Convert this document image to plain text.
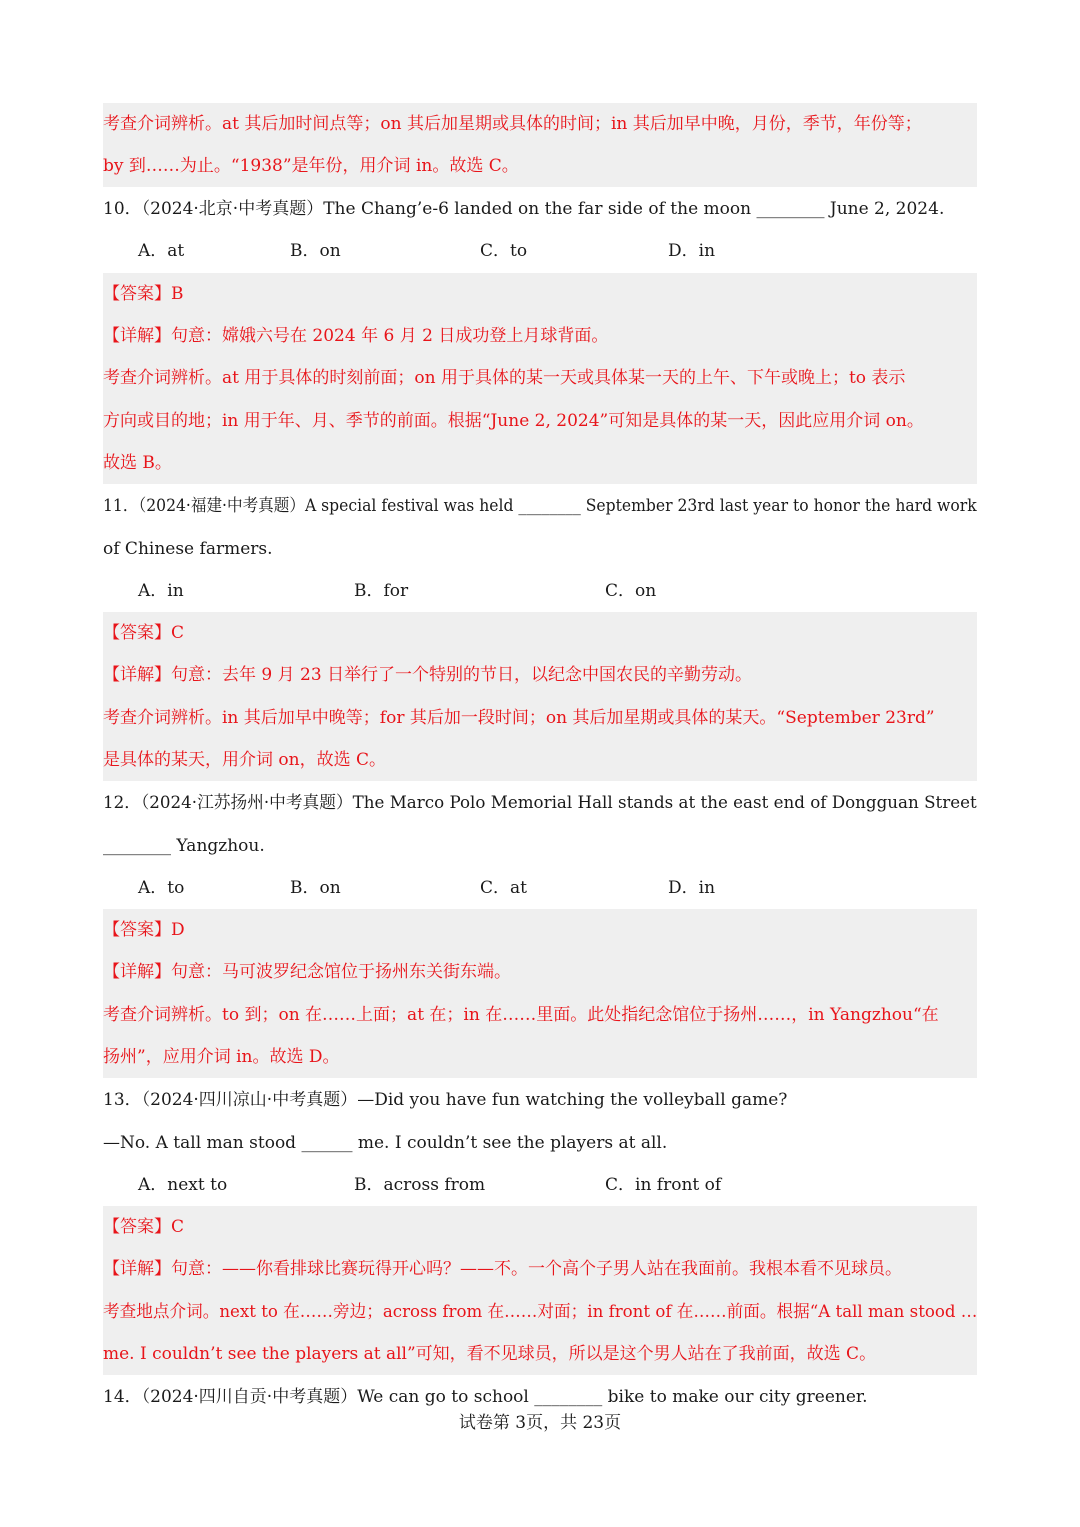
考查介词辨析。at 其后加时间点等；on 其后加星期或具体的时间；in 其后加早中晚，月份，季节，年份等；
by 到……为止。“1938”是年份，用介词 in。故选 C。
10．（2024·北京·中考真题）The Chang’e-6 landed on the far side of the moon ________ June 2, 2024.
A．at	B．on	C．to	D．in
【答案】B
【详解】句意：嫦娥六号在 2024 年 6 月 2 日成功登上月球背面。
考查介词辨析。at 用于具体的时刻前面；on 用于具体的某一天或具体某一天的上午、下午或晚上；to 表示
方向或目的地；in 用于年、月、季节的前面。根据“June 2, 2024”可知是具体的某一天，因此应用介词 on。
故选 B。
11．（2024·福建·中考真题）A special festival was held ________ September 23rd last year to honor the hard work
of Chinese farmers.
A．in	B．for	C．on
【答案】C
【详解】句意：去年 9 月 23 日举行了一个特别的节日，以纪念中国农民的辛勤劳动。
考查介词辨析。in 其后加早中晚等；for 其后加一段时间；on 其后加星期或具体的某天。“September 23rd”
是具体的某天，用介词 on，故选 C。
12．（2024·江苏扬州·中考真题）The Marco Polo Memorial Hall stands at the east end of Dongguan Street
________ Yangzhou.
A．to	B．on	C．at	D．in
【答案】D
【详解】句意：马可波罗纪念馆位于扬州东关街东端。
考查介词辨析。to 到；on 在……上面；at 在；in 在……里面。此处指纪念馆位于扬州……，in Yangzhou“在
扬州”，应用介词 in。故选 D。
13．（2024·四川凉山·中考真题）—Did you have fun watching the volleyball game?
—No. A tall man stood ______ me. I couldn’t see the players at all.
A．next to	B．across from	C．in front of
【答案】C
【详解】句意：——你看排球比赛玩得开心吗？——不。一个高个子男人站在我面前。我根本看不见球员。
考查地点介词。next to 在……旁边；across from 在……对面；in front of 在……前面。根据“A tall man stood …
me. I couldn’t see the players at all”可知，看不见球员，所以是这个男人站在了我前面，故选 C。
14．（2024·四川自贡·中考真题）We can go to school ________ bike to make our city greener.
试卷第 3页，共 23页
